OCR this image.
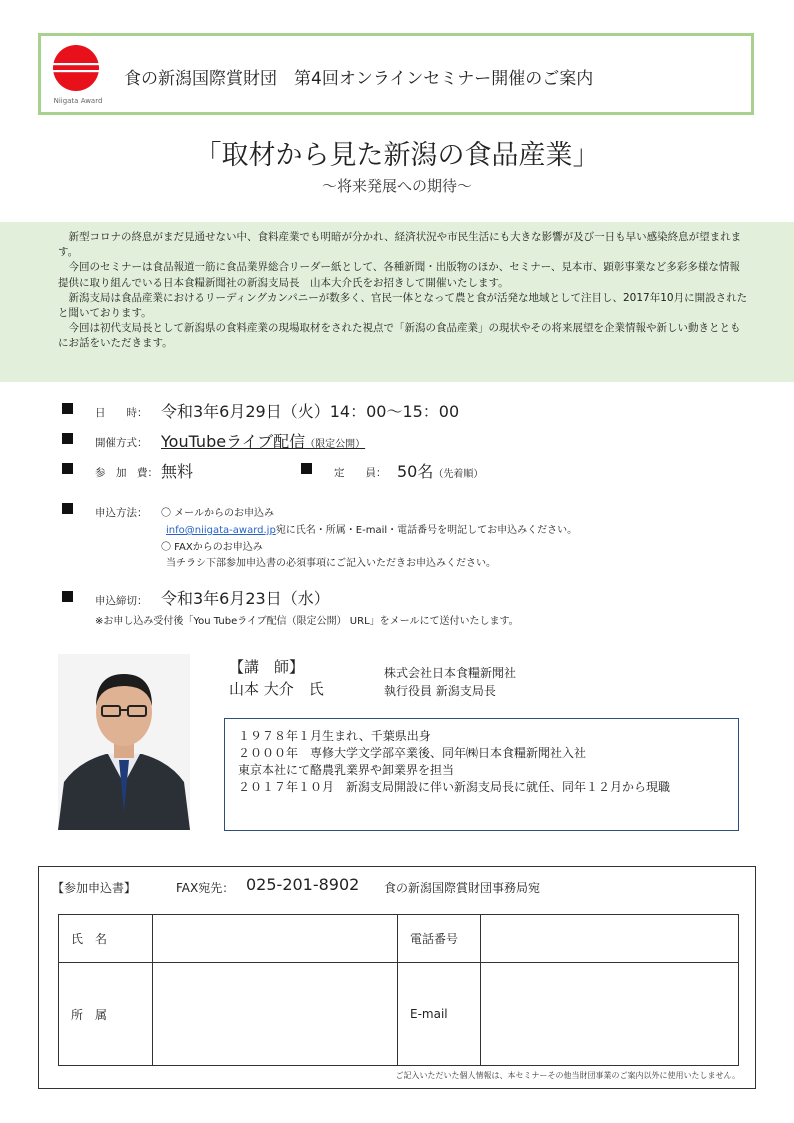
Niigata Award
食の新潟国際賞財団　第4回オンラインセミナー開催のご案内
「取材から見た新潟の食品産業」
〜将来発展への期待〜

新型コロナの終息がまだ見通せない中、食料産業でも明暗が分かれ、経済状況や市民生活にも大きな影響が及び一日も早い感染終息が望まれます。

今回のセミナーは食品報道一筋に食品業界総合リーダー紙として、各種新聞・出版物のほか、セミナー、見本市、顕彰事業など多彩多様な情報提供に取り組んでいる日本食糧新聞社の新潟支局長　山本大介氏をお招きして開催いたします。

新潟支局は食品産業におけるリーディングカンパニーが数多く、官民一体となって農と食が活発な地域として注目し、2017年10月に開設されたと聞いております。

今回は初代支局長として新潟県の食料産業の現場取材をされた視点で「新潟の食品産業」の現状やその将来展望を企業情報や新しい動きとともにお話をいただきます。

日　　時： 令和3年6月29日（火）14：00〜15：00
開催方式： YouTubeライブ配信（限定公開）
参　加　費： 無料	定　　員： 50名（先着順）
申込方法： 〇 メールからのお申込み
info@niigata-award.jp宛に氏名・所属・E-mail・電話番号を明記してお申込みください。
〇 FAXからのお申込み
当チラシ下部参加申込書の必須事項にご記入いただきお申込みください。
申込締切： 令和3年6月23日（水）
※お申し込み受付後「You Tubeライブ配信（限定公開） URL」をメールにて送付いたします。
【講　師】
山本 大介　氏
株式会社日本食糧新聞社
執行役員 新潟支局長
１９７８年１月生まれ、千葉県出身
２０００年　専修大学文学部卒業後、同年㈱日本食糧新聞社入社
東京本社にて酪農乳業界や卸業界を担当
２０１７年１０月　新潟支局開設に伴い新潟支局長に就任、同年１２月から現職
【参加申込書】	FAX宛先： 025-201-8902 食の新潟国際賞財団事務局宛
氏　名		電話番号	
所　属		E-mail	
ご記入いただいた個人情報は、本セミナーその他当財団事業のご案内以外に使用いたしません。
